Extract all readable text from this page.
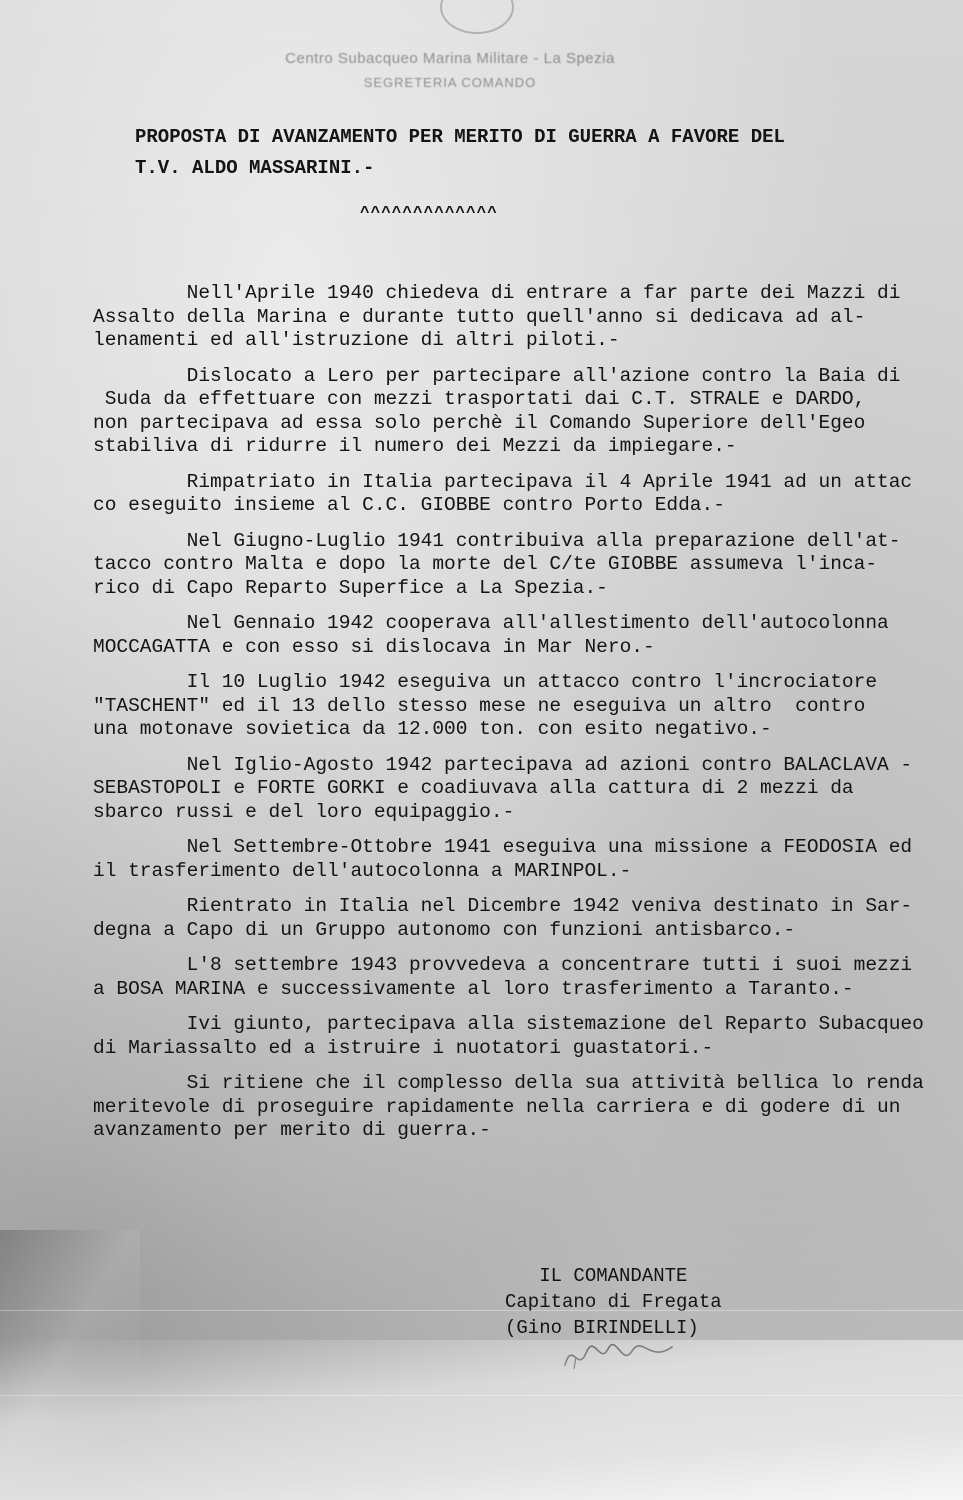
Centro Subacqueo Marina Militare - La Spezia
SEGRETERIA COMANDO
PROPOSTA DI AVANZAMENTO PER MERITO DI GUERRA A FAVORE DEL
T.V. ALDO MASSARINI.-
^^^^^^^^^^^^^

Nell'Aprile 1940 chiedeva di entrare a far parte dei Mazzi di
Assalto della Marina e durante tutto quell'anno si dedicava ad al-
lenamenti ed all'istruzione di altri piloti.-

Dislocato a Lero per partecipare all'azione contro la Baia di
Suda da effettuare con mezzi trasportati dai C.T. STRALE e DARDO,
non partecipava ad essa solo perchè il Comando Superiore dell'Egeo
stabiliva di ridurre il numero dei Mezzi da impiegare.-

Rimpatriato in Italia partecipava il 4 Aprile 1941 ad un attac
co eseguito insieme al C.C. GIOBBE contro Porto Edda.-

Nel Giugno-Luglio 1941 contribuiva alla preparazione dell'at-
tacco contro Malta e dopo la morte del C/te GIOBBE assumeva l'inca-
rico di Capo Reparto Superfice a La Spezia.-

Nel Gennaio 1942 cooperava all'allestimento dell'autocolonna
MOCCAGATTA e con esso si dislocava in Mar Nero.-

Il 10 Luglio 1942 eseguiva un attacco contro l'incrociatore
"TASCHENT" ed il 13 dello stesso mese ne eseguiva un altro  contro
una motonave sovietica da 12.000 ton. con esito negativo.-

Nel Iglio-Agosto 1942 partecipava ad azioni contro BALACLAVA -
SEBASTOPOLI e FORTE GORKI e coadiuvava alla cattura di 2 mezzi da
sbarco russi e del loro equipaggio.-

Nel Settembre-Ottobre 1941 eseguiva una missione a FEODOSIA ed
il trasferimento dell'autocolonna a MARINPOL.-

Rientrato in Italia nel Dicembre 1942 veniva destinato in Sar-
degna a Capo di un Gruppo autonomo con funzioni antisbarco.-

L'8 settembre 1943 provvedeva a concentrare tutti i suoi mezzi
a BOSA MARINA e successivamente al loro trasferimento a Taranto.-

Ivi giunto, partecipava alla sistemazione del Reparto Subacqueo
di Mariassalto ed a istruire i nuotatori guastatori.-

Si ritiene che il complesso della sua attività bellica lo renda
meritevole di proseguire rapidamente nella carriera e di godere di un
avanzamento per merito di guerra.-

IL COMANDANTE
Capitano di Fregata
(Gino BIRINDELLI)
